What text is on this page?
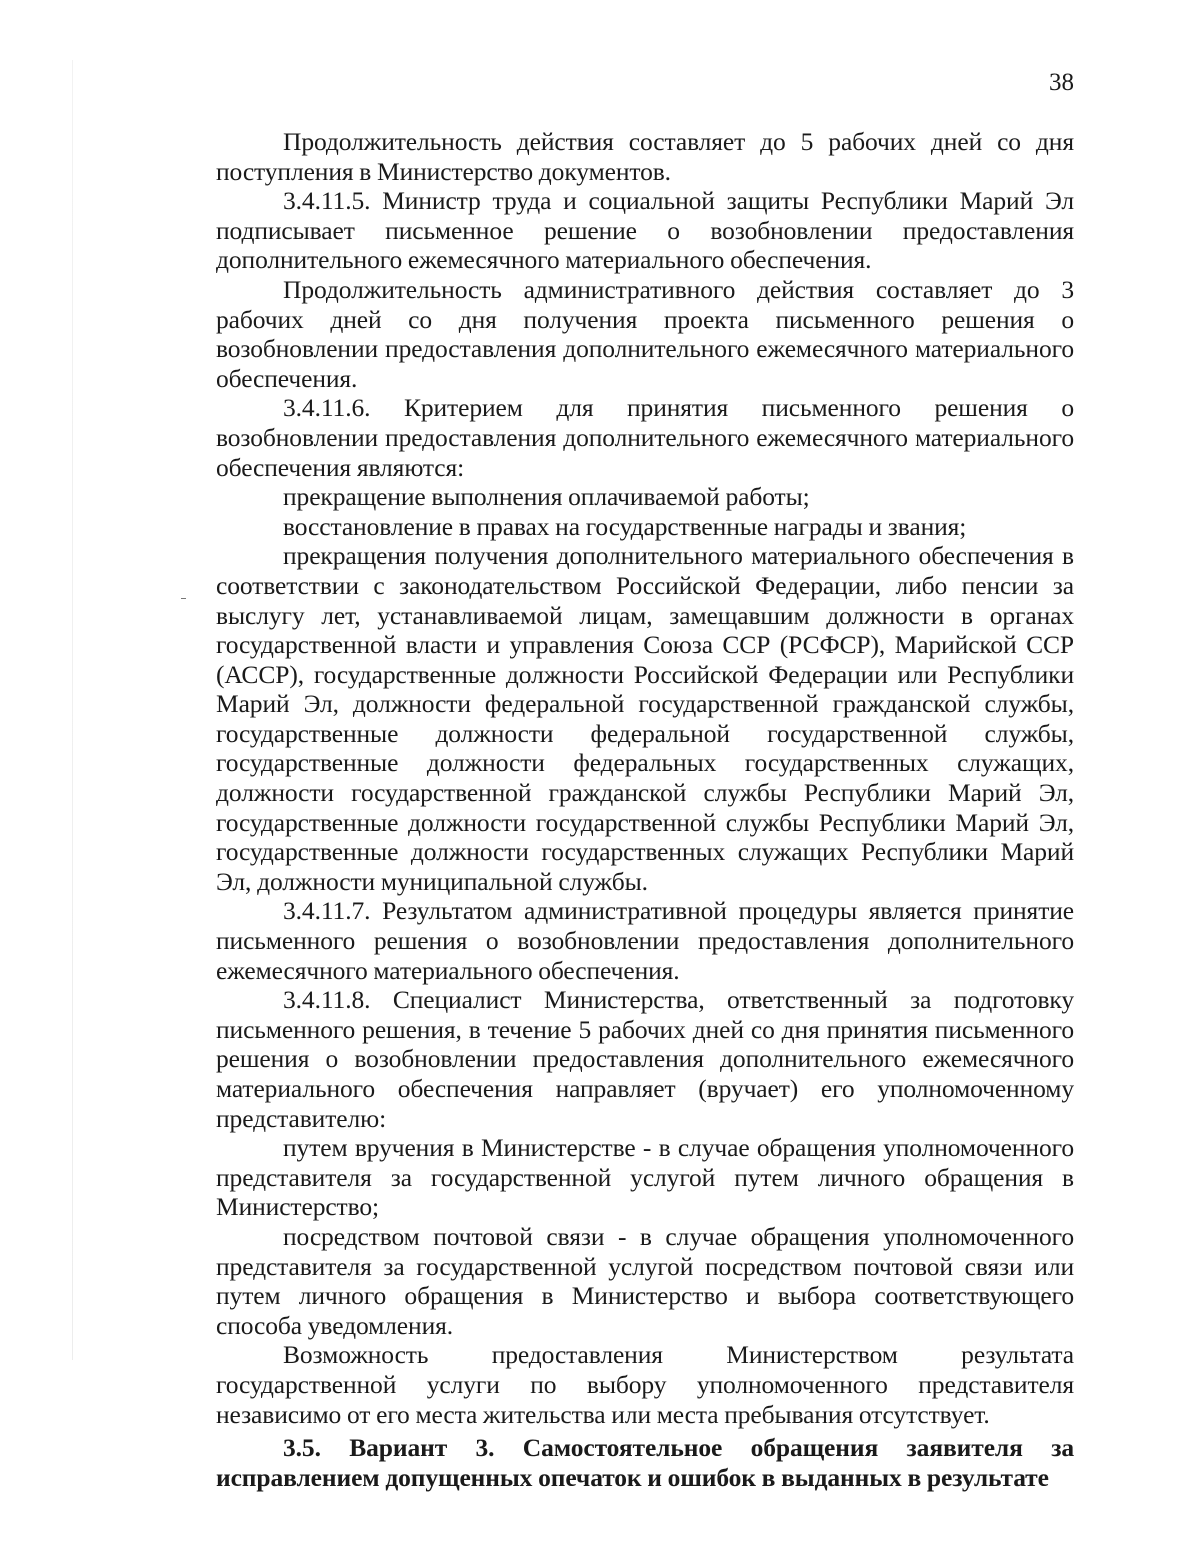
38

Продолжительность действия составляет до 5 рабочих дней со дня поступления в Министерство документов.

3.4.11.5. Министр труда и социальной защиты Республики Марий Эл подписывает письменное решение о возобновлении предоставления дополнительного ежемесячного материального обеспечения.

Продолжительность административного действия составляет до 3 рабочих дней со дня получения проекта письменного решения о возобновлении предоставления дополнительного ежемесячного материального обеспечения.

3.4.11.6. Критерием для принятия письменного решения о возобновлении предоставления дополнительного ежемесячного материального обеспечения являются:

прекращение выполнения оплачиваемой работы;

восстановление в правах на государственные награды и звания;

прекращения получения дополнительного материального обеспечения в соответствии с законодательством Российской Федерации, либо пенсии за выслугу лет, устанавливаемой лицам, замещавшим должности в органах государственной власти и управления Союза ССР (РСФСР), Марийской ССР (АССР), государственные должности Российской Федерации или Республики Марий Эл, должности федеральной государственной гражданской службы, государственные должности федеральной государственной службы, государственные должности федеральных государственных служащих, должности государственной гражданской службы Республики Марий Эл, государственные должности государственной службы Республики Марий Эл, государственные должности государственных служащих Республики Марий Эл, должности муниципальной службы.

3.4.11.7. Результатом административной процедуры является принятие письменного решения о возобновлении предоставления дополнительного ежемесячного материального обеспечения.

3.4.11.8. Специалист Министерства, ответственный за подготовку письменного решения, в течение 5 рабочих дней со дня принятия письменного решения о возобновлении предоставления дополнительного ежемесячного материального обеспечения направляет (вручает) его уполномоченному представителю:

путем вручения в Министерстве - в случае обращения уполномоченного представителя за государственной услугой путем личного обращения в Министерство;

посредством почтовой связи - в случае обращения уполномоченного представителя за государственной услугой посредством почтовой связи или путем личного обращения в Министерство и выбора соответствующего способа уведомления.

Возможность предоставления Министерством результата государственной услуги по выбору уполномоченного представителя независимо от его места жительства или места пребывания отсутствует.

3.5. Вариант 3. Самостоятельное обращения заявителя за исправлением допущенных опечаток и ошибок в выданных в результате
